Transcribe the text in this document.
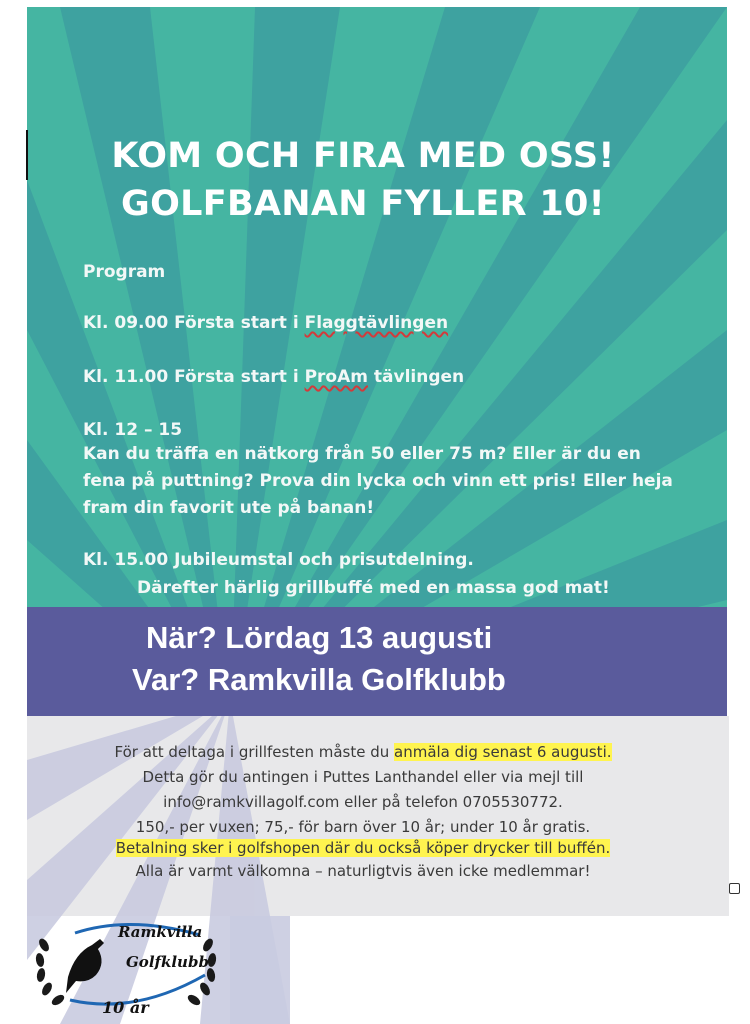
KOM OCH FIRA MED OSS!
GOLFBANAN FYLLER 10!

Program

Kl. 09.00 Första start i Flaggtävlingen

Kl. 11.00 Första start i ProAm tävlingen

Kl. 12 – 15

Kan du träffa en nätkorg från 50 eller 75 m? Eller är du en fena på puttning? Prova din lycka och vinn ett pris! Eller heja fram din favorit ute på banan!

Kl. 15.00 Jubileumstal och prisutdelning.

Därefter härlig grillbuffé med en massa god mat!

När? Lördag 13 augusti

Var? Ramkvilla Golfklubb

För att deltaga i grillfesten måste du anmäla dig senast 6 augusti.

Detta gör du antingen i Puttes Lanthandel eller via mejl till

info@ramkvillagolf.com eller på telefon 0705530772.

150,- per vuxen; 75,- för barn över 10 år; under 10 år gratis.

Betalning sker i golfshopen där du också köper drycker till buffén.

Alla är varmt välkomna – naturligtvis även icke medlemmar!

Ramkvilla
Golfklubb
10 år
